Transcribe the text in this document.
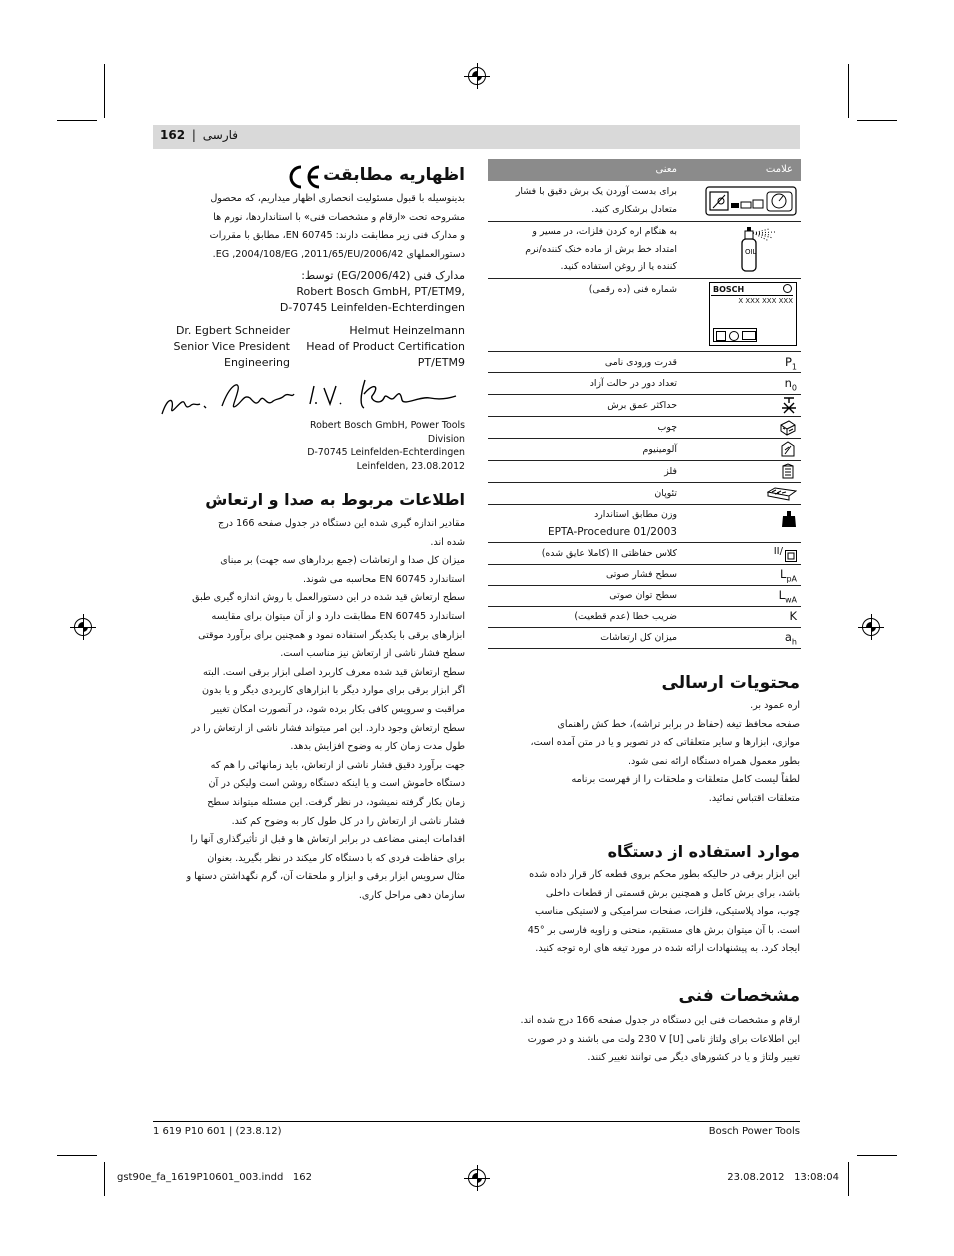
162 | فارسی
اظهاریه مطابقت
بدینوسیله با قبول مسئولیت انحصاری اظهار میداریم، که محصول
مشروحه تحت «ارقام و مشخصات فنی» با استانداردها، نورم ها
و مدارک فنی زیر مطابقت دارند: EN 60745، مطابق با مقررات
دستورالعملهای 2006/42/EG ,2004/108/EG ,2011/65/EU.
مدارک فنی (2006/42/EG) توسط:
Robert Bosch GmbH, PT/ETM9,
D-70745 Leinfelden-Echterdingen
Dr. Egbert Schneider
Senior Vice President
Engineering
Helmut Heinzelmann
Head of Product Certification
PT/ETM9
Robert Bosch GmbH, Power Tools Division
D-70745 Leinfelden-Echterdingen
Leinfelden, 23.08.2012
اطلاعات مربوط به صدا و ارتعاش
مقادیر اندازه گیری شده این دستگاه در جدول صفحه 166 درج
شده اند.
میزان کل صدا و ارتعاشات (جمع بردارهای سه جهت) بر مبنای
استاندارد EN 60745 محاسبه می شوند.
سطح ارتعاش قید شده در این دستورالعمل با روش اندازه گیری طبق
استاندارد EN 60745 مطابقت دارد و از آن میتوان برای مقایسه
ابزارهای برقی با یکدیگر استفاده نمود و همچنین برای برآورد موقتی
سطح فشار ناشی از ارتعاش نیز مناسب است.
سطح ارتعاش قید شده معرف کاربرد اصلی ابزار برقی است. البته
اگر ابزار برقی برای موارد دیگر با ابزارهای کاربردی دیگر و یا بدون
مراقبت و سرویس کافی بکار برده شود، در آنصورت امکان تغییر
سطح ارتعاش وجود دارد. این امر میتواند فشار ناشی از ارتعاش را در
طول مدت زمان کار به وضوح افزایش بدهد.
جهت برآورد دقیق فشار ناشی از ارتعاش، باید زمانهائی را هم که
دستگاه خاموش است و یا اینکه دستگاه روشن است ولیکن در آن
زمان بکار گرفته نمیشود، در نظر گرفت. این مسئله میتواند سطح
فشار ناشی از ارتعاش را در کل طول کار به وضوح کم کند.
اقدامات ایمنی مضاعف در برابر ارتعاش ها و قبل از تأثیرگذاری آنها را
برای حفاظت فردی که با دستگاه کار میکند در نظر بگیرید. بعنوان
مثال سرویس ابزار برقی و ابزار و ملحقات آن، گرم نگهداشتن دستها و
سازمان دهی مراحل کاری.
علامت
معنی
برای بدست آوردن یک برش دقیق با فشار
متعادل برشکاری کنید.
OIL
به هنگام اره کردن فلزات، در مسیر و
امتداد خط برش از ماده خنک کننده/نرم
کننده یا از روغن استفاده کنید.
BOSCH
X XXX XXX XXX
شماره فنی (ده رقمی)
$P_1$
قدرت ورودی نامی
$n_0$
تعداد دور در حالت آزاد
حداکثر عمق برش
چوب
آلومینیوم
فلز
تئوپان
وزن مطابق استاندارد
EPTA-Procedure 01/2003
II/
کلاس حفاظتی II (کاملا عایق شده)
$L_{pA}$
سطح فشار صوتی
$L_{wA}$
سطح توان صوتی
K
ضریب خطا (عدم قطعیت)
$a_h$
میزان کل ارتعاشات
محتویات ارسالی
اره عمود بر.
صفحه محافظ تیغه (حفاظ در برابر تراشه)، خط کش راهنمای
موازی، ابزارها و سایر متعلقاتی که در تصویر و یا در متن آمده است،
بطور معمول همراه دستگاه ارائه نمی شود.
لطفاً لیست کامل متعلقات و ملحقات را از فهرست برنامه
متعلقات اقتباس نمائید.
موارد استفاده از دستگاه
این ابزار برقی در حالیکه بطور محکم بروی قطعه کار قرار داده شده
باشد، برای برش کامل و همچنین برش قسمتی از قطعات داخلی
چوب، مواد پلاستیکی، فلزات، صفحات سرامیکی و لاستیکی مناسب
است. با آن میتوان برش های مستقیم، منحنی و زاویه فارسی بر °45
ایجاد کرد. به پیشنهادات ارائه شده در مورد تیغه های اره توجه کنید.
مشخصات فنی
ارقام و مشخصات فنی این دستگاه در جدول صفحه 166 درج شده اند.
این اطلاعات برای ولتاژ نامی [U] 230 V ولت می باشند و در صورت
تغییر ولتاژ و یا در کشورهای دیگر می توانند تغییر کنند.
1 619 P10 601 | (23.8.12)	Bosch Power Tools
gst90e_fa_1619P10601_003.indd   162	23.08.2012   13:08:04
